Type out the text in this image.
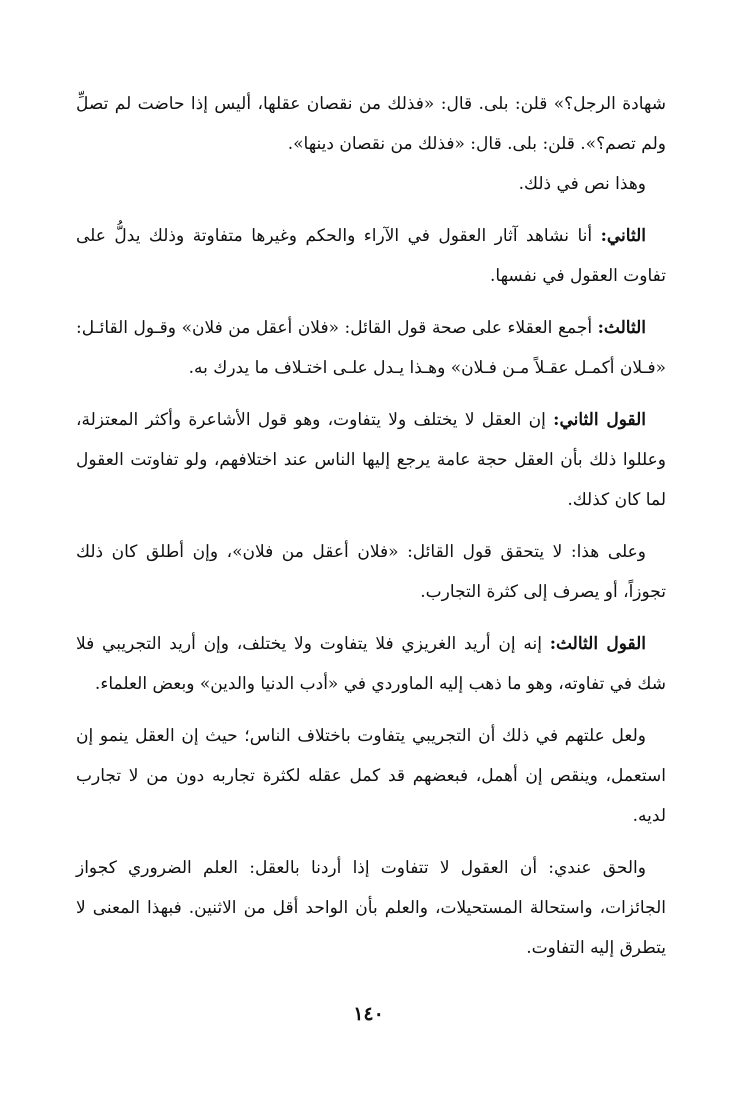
شهادة الرجل؟» قلن: بلى. قال: «فذلك من نقصان عقلها، أليس إذا حاضت لم تصلِّ ولم تصم؟». قلن: بلى. قال: «فذلك من نقصان دينها».

وهذا نص في ذلك.

الثاني: أنا نشاهد آثار العقول في الآراء والحكم وغيرها متفاوتة وذلك يدلُّ على تفاوت العقول في نفسها.

الثالث: أجمع العقلاء على صحة قول القائل: «فلان أعقل من فلان» وقـول القائـل: «فـلان أكمـل عقـلاً مـن فـلان» وهـذا يـدل علـى اختـلاف ما يدرك به.

القول الثاني: إن العقل لا يختلف ولا يتفاوت، وهو قول الأشاعرة وأكثر المعتزلة، وعللوا ذلك بأن العقل حجة عامة يرجع إليها الناس عند اختلافهم، ولو تفاوتت العقول لما كان كذلك.

وعلى هذا: لا يتحقق قول القائل: «فلان أعقل من فلان»، وإن أطلق كان ذلك تجوزاً، أو يصرف إلى كثرة التجارب.

القول الثالث: إنه إن أريد الغريزي فلا يتفاوت ولا يختلف، وإن أريد التجريبي فلا شك في تفاوته، وهو ما ذهب إليه الماوردي في «أدب الدنيا والدين» وبعض العلماء.

ولعل علتهم في ذلك أن التجريبي يتفاوت باختلاف الناس؛ حيث إن العقل ينمو إن استعمل، وينقص إن أهمل، فبعضهم قد كمل عقله لكثرة تجاربه دون من لا تجارب لديه.

والحق عندي: أن العقول لا تتفاوت إذا أردنا بالعقل: العلم الضروري كجواز الجائزات، واستحالة المستحيلات، والعلم بأن الواحد أقل من الاثنين. فبهذا المعنى لا يتطرق إليه التفاوت.

١٤٠
